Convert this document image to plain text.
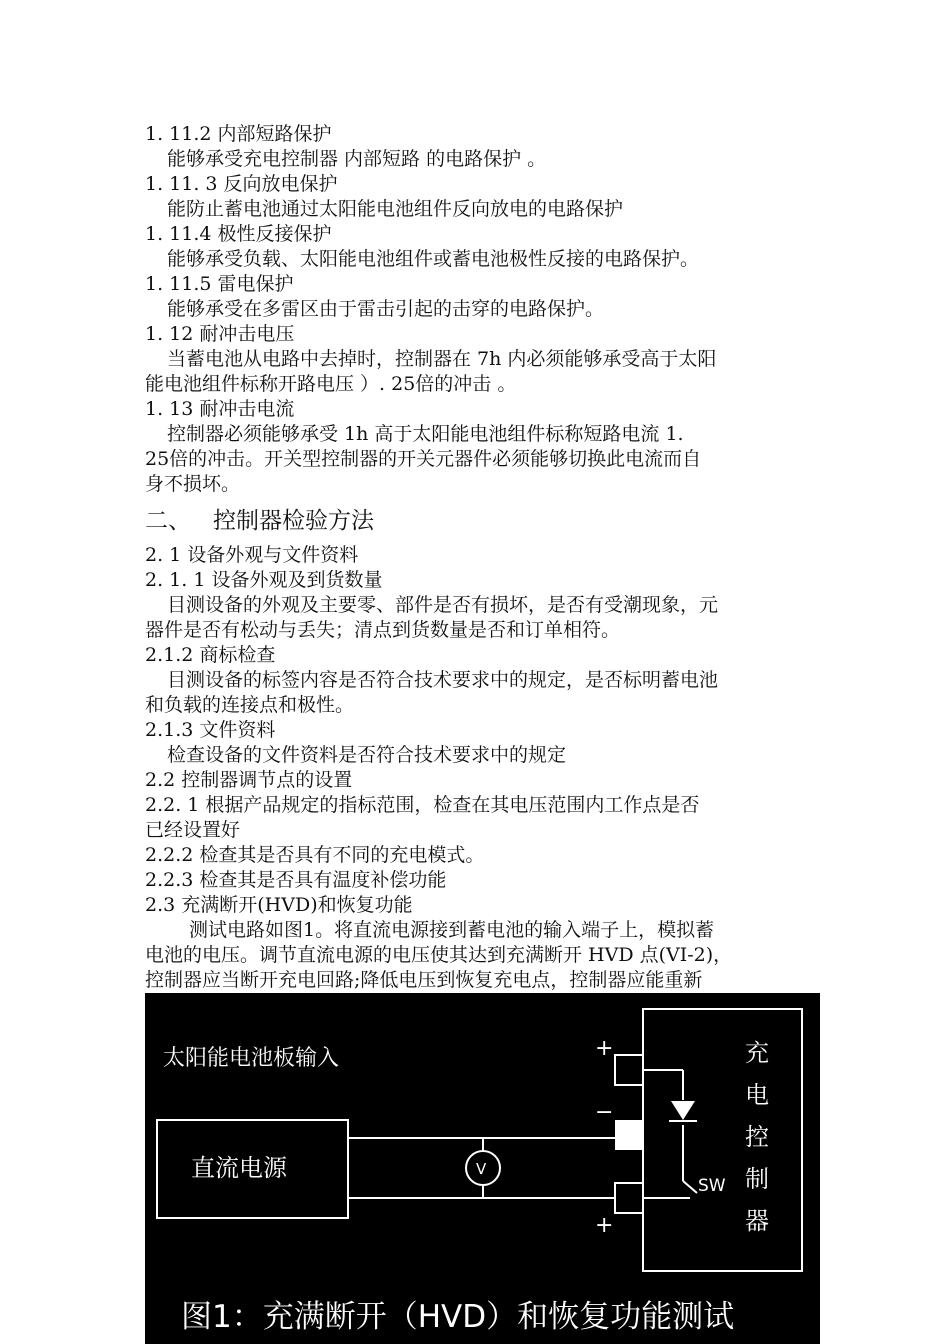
1. 11.2 内部短路保护
能够承受充电控制器 内部短路 的电路保护 。
1. 11. 3 反向放电保护
能防止蓄电池通过太阳能电池组件反向放电的电路保护
1. 11.4 极性反接保护
能够承受负载、太阳能电池组件或蓄电池极性反接的电路保护。
1. 11.5 雷电保护
能够承受在多雷区由于雷击引起的击穿的电路保护。
1. 12 耐冲击电压
当蓄电池从电路中去掉时，控制器在 7h 内必须能够承受高于太阳
能电池组件标称开路电压 ）. 25倍的冲击 。
1. 13 耐冲击电流
控制器必须能够承受 1h 高于太阳能电池组件标称短路电流 1.
25倍的冲击。开关型控制器的开关元器件必须能够切换此电流而自
身不损坏。
二、 控制器检验方法
2. 1 设备外观与文件资料
2. 1. 1 设备外观及到货数量
目测设备的外观及主要零、部件是否有损坏，是否有受潮现象，元
器件是否有松动与丢失；清点到货数量是否和订单相符。
2.1.2 商标检查
目测设备的标签内容是否符合技术要求中的规定，是否标明蓄电池
和负载的连接点和极性。
2.1.3 文件资料
检查设备的文件资料是否符合技术要求中的规定
2.2 控制器调节点的设置
2.2. 1 根据产品规定的指标范围，检查在其电压范围内工作点是否
已经设置好
2.2.2 检查其是否具有不同的充电模式。
2.2.3 检查其是否具有温度补偿功能
2.3 充满断开(HVD)和恢复功能
测试电路如图1。将直流电源接到蓄电池的输入端子上，模拟蓄
电池的电压。调节直流电源的电压使其达到充满断开 HVD 点(VI-2)，
控制器应当断开充电回路;降低电压到恢复充电点，控制器应能重新
太阳能电池板输入
直流电源	V
SW
+
−
+
充
电
控
制
器
图1：充满断开（HVD）和恢复功能测试
